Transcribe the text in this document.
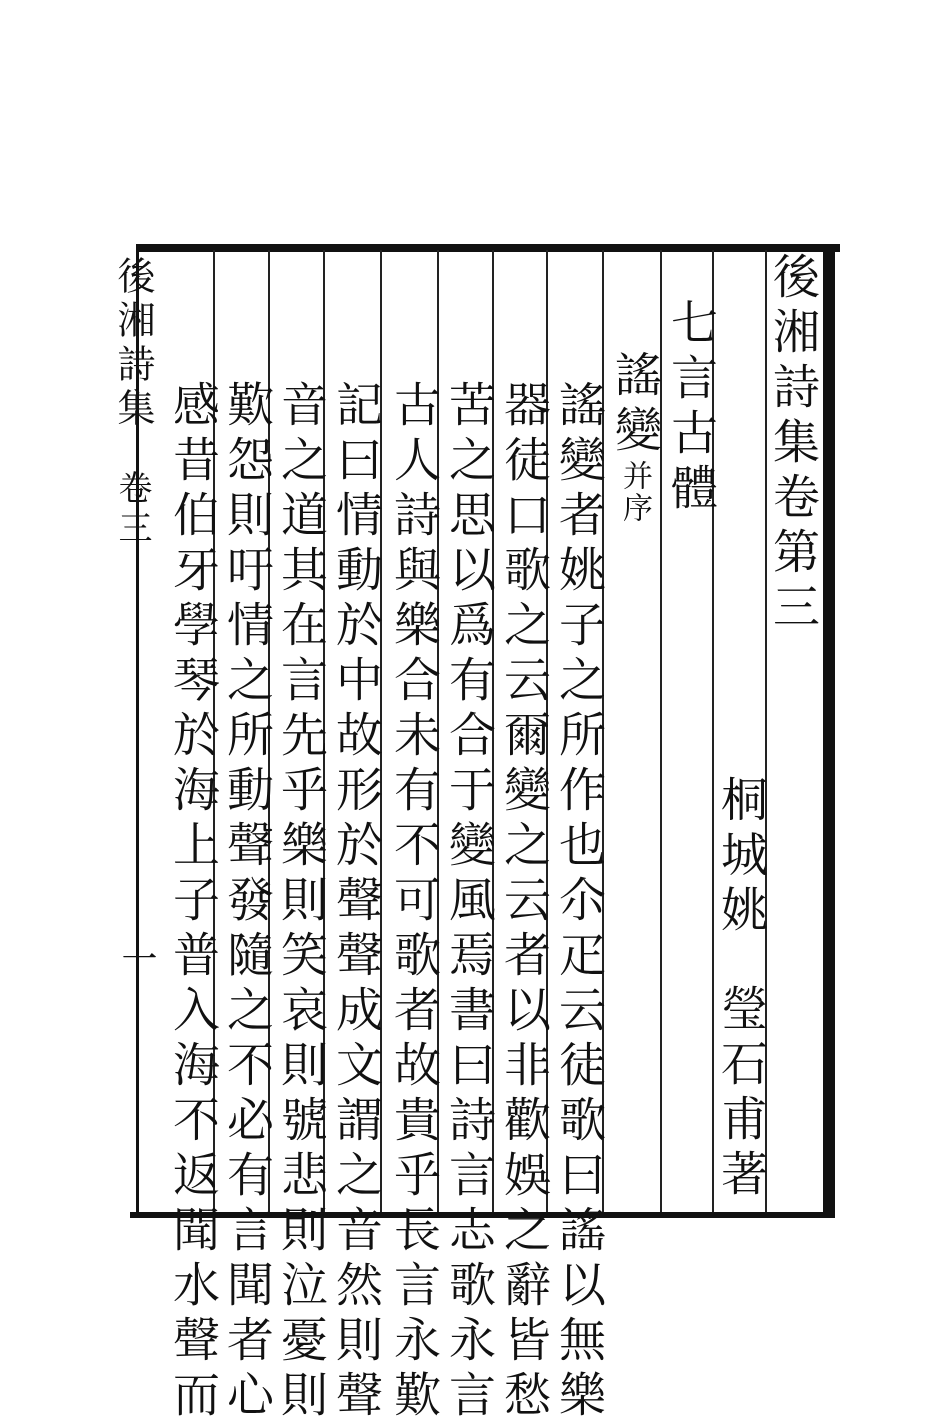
後湘詩集卷第三
桐城姚瑩石甫著
七言古體
謠變并序
謠變者姚子之所作也尒疋云徒歌曰謠以無樂
器徒口歌之云爾變之云者以非歡娛之辭皆愁
苦之思以爲有合于變風焉書曰詩言志歌永言
古人詩與樂合未有不可歌者故貴乎長言永歎
記曰情動於中故形於聲聲成文謂之音然則聲
音之道其在言先乎樂則笑哀則號悲則泣憂則
歎怨則吁情之所動聲發隨之不必有言聞者心
感昔伯牙學琴於海上子普入海不返聞水聲而
後湘詩集
卷三
一
